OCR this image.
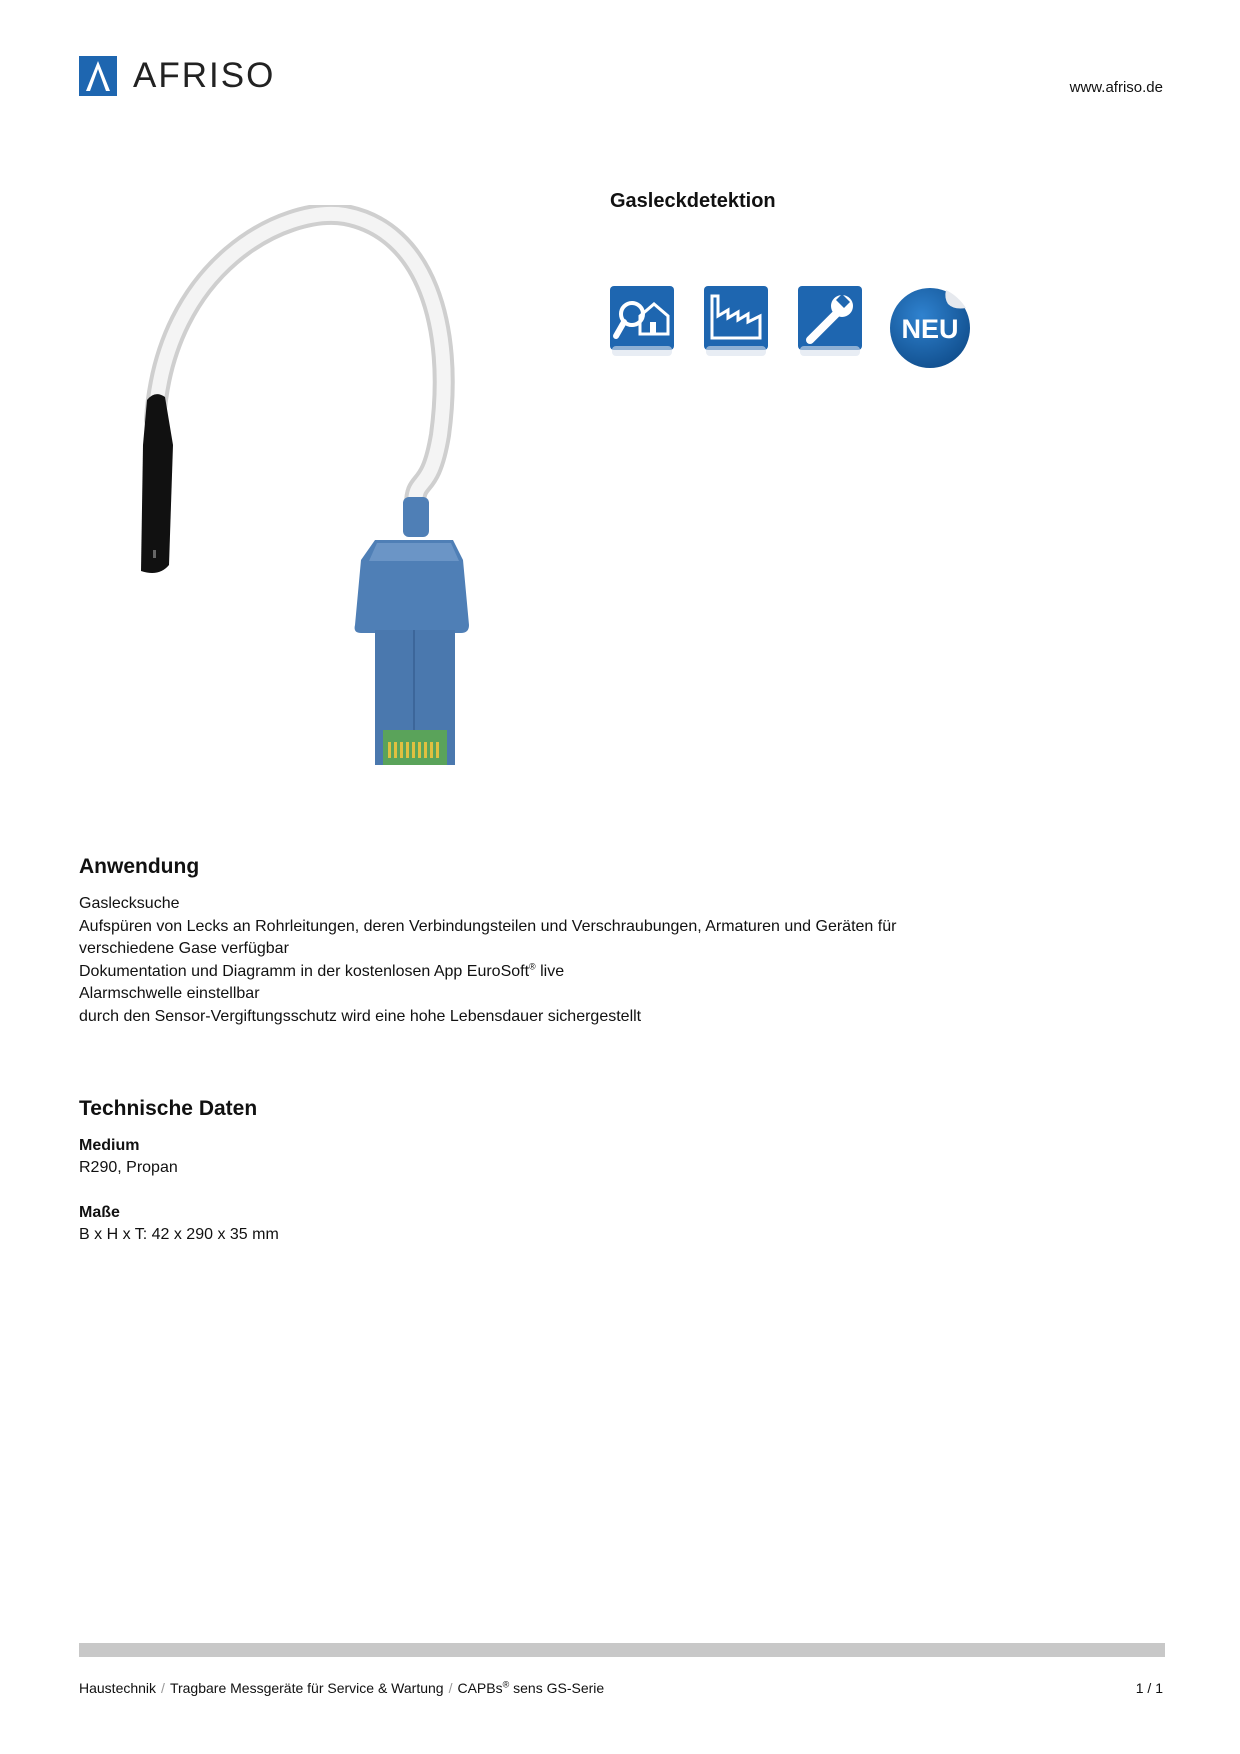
AFRISO	www.afriso.de
Gasleckdetektion
NEU
Anwendung
Gaslecksuche
Aufspüren von Lecks an Rohrleitungen, deren Verbindungsteilen und Verschraubungen, Armaturen und Geräten für verschiedene Gase verfügbar
Dokumentation und Diagramm in der kostenlosen App EuroSoft® live
Alarmschwelle einstellbar
durch den Sensor-Vergiftungsschutz wird eine hohe Lebensdauer sichergestellt
Technische Daten
Medium
R290, Propan
Maße
B x H x T: 42 x 290 x 35 mm
Haustechnik / Tragbare Messgeräte für Service & Wartung / CAPBs® sens GS-Serie	1 / 1
